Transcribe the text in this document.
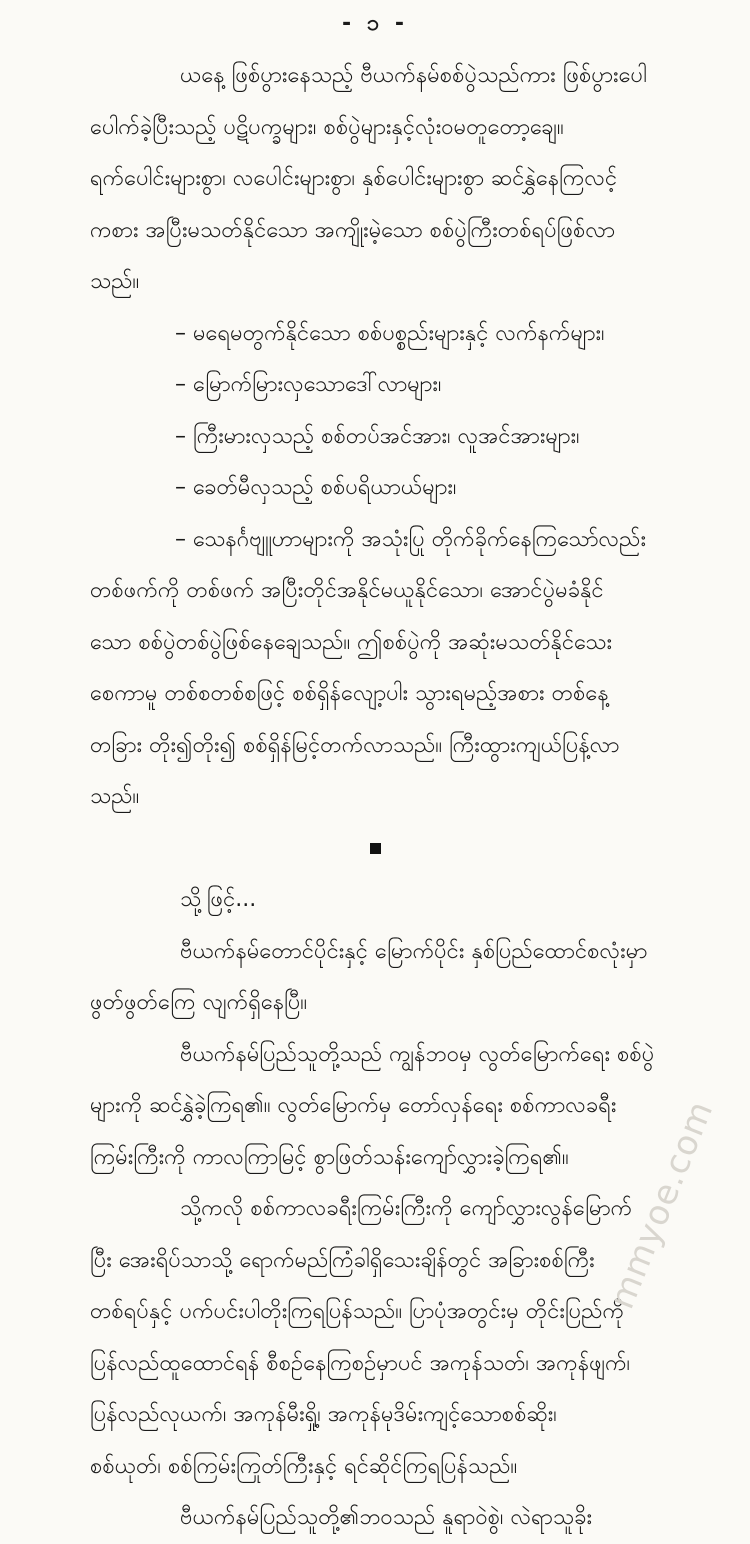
- ၁ -
ယနေ့ ဖြစ်ပွားနေသည့် ဗီယက်နမ်စစ်ပွဲသည်ကား ဖြစ်ပွားပေါ
ပေါက်ခဲ့ပြီးသည့် ပဋိပက္ခများ၊ စစ်ပွဲများနှင့်လုံးဝမတူတော့ချေ။
ရက်ပေါင်းများစွာ၊ လပေါင်းများစွာ၊ နှစ်ပေါင်းများစွာ ဆင်နွှဲနေကြလင့်
ကစား အပြီးမသတ်နိုင်သော အကျိုးမဲ့သော စစ်ပွဲကြီးတစ်ရပ်ဖြစ်လာ
သည်။
– မရေမတွက်နိုင်သော စစ်ပစ္စည်းများနှင့် လက်နက်များ၊
– မြောက်မြားလှသောဒေါ်လာများ၊
– ကြီးမားလှသည့် စစ်တပ်အင်အား၊ လူအင်အားများ၊
– ခေတ်မီလှသည့် စစ်ပရိယာယ်များ၊
– သေနင်္ဂဗျူဟာများကို အသုံးပြု တိုက်ခိုက်နေကြသော်လည်း
တစ်ဖက်ကို တစ်ဖက် အပြီးတိုင်အနိုင်မယူနိုင်သော၊ အောင်ပွဲမခံနိုင်
သော စစ်ပွဲတစ်ပွဲဖြစ်နေချေသည်။ ဤစစ်ပွဲကို အဆုံးမသတ်နိုင်သေး
စေကာမူ တစ်စတစ်စဖြင့် စစ်ရှိန်လျော့ပါး သွားရမည့်အစား တစ်နေ့
တခြား တိုး၍တိုး၍ စစ်ရှိန်မြင့်တက်လာသည်။ ကြီးထွားကျယ်ပြန့်လာ
သည်။
သို့ဖြင့်...
ဗီယက်နမ်တောင်ပိုင်းနှင့် မြောက်ပိုင်း နှစ်ပြည်ထောင်စလုံးမှာ
ဖွတ်ဖွတ်ကြေ လျက်ရှိနေပြီ။
ဗီယက်နမ်ပြည်သူတို့သည် ကျွန်ဘဝမှ လွတ်မြောက်ရေး စစ်ပွဲ
များကို ဆင်နွှဲခဲ့ကြရ၏။ လွတ်မြောက်မှ တော်လှန်ရေး စစ်ကာလခရီး
ကြမ်းကြီးကို ကာလကြာမြင့် စွာဖြတ်သန်းကျော်လွှားခဲ့ကြရ၏။
သို့ကလို စစ်ကာလခရီးကြမ်းကြီးကို ကျော်လွှားလွန်မြောက်
ပြီး အေးရိပ်သာသို့ ရောက်မည်ကြံခါရှိသေးချိန်တွင် အခြားစစ်ကြီး
တစ်ရပ်နှင့် ပက်ပင်းပါတိုးကြရပြန်သည်။ ပြာပုံအတွင်းမှ တိုင်းပြည်ကို
ပြန်လည်ထူထောင်ရန် စီစဉ်နေကြစဉ်မှာပင် အကုန်သတ်၊ အကုန်ဖျက်၊
ပြန်လည်လုယက်၊ အကုန်မီးရှို့၊ အကုန်မုဒိမ်းကျင့်သောစစ်ဆိုး၊
စစ်ယုတ်၊ စစ်ကြမ်းကြုတ်ကြီးနှင့် ရင်ဆိုင်ကြရပြန်သည်။
ဗီယက်နမ်ပြည်သူတို့၏ဘဝသည် နူရာဝဲစွဲ၊ လဲရာသူခိုး
mmyoe.com
